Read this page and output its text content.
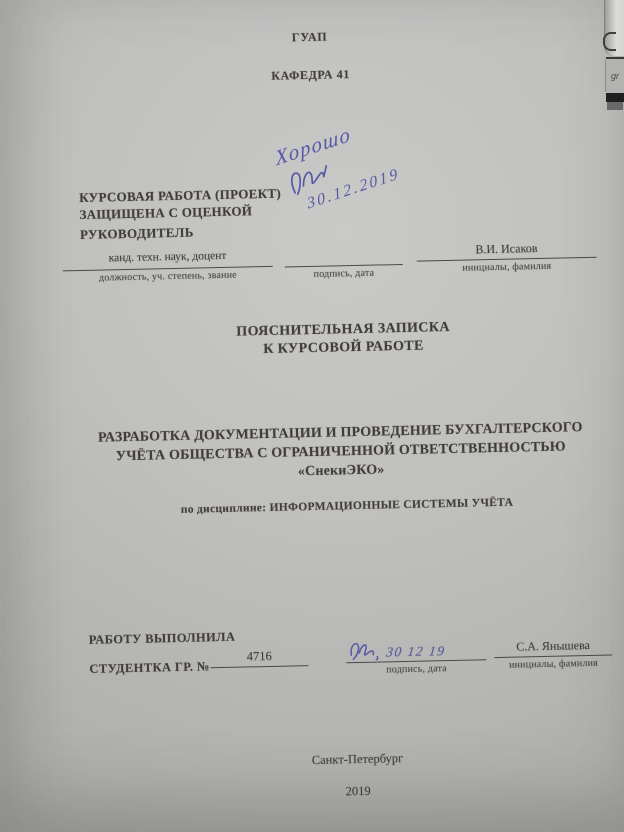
ГУАП
КАФЕДРА 41
Хорошо
30.12.2019
КУРСОВАЯ РАБОТА (ПРОЕКТ)
ЗАЩИЩЕНА С ОЦЕНКОЙ
РУКОВОДИТЕЛЬ
канд. техн. наук, доцент
должность, уч. степень, звание
	подпись, дата
В.И. Исаков
инициалы, фамилия
ПОЯСНИТЕЛЬНАЯ ЗАПИСКА
К КУРСОВОЙ РАБОТЕ
РАЗРАБОТКА ДОКУМЕНТАЦИИ И ПРОВЕДЕНИЕ БУХГАЛТЕРСКОГО
УЧЁТА ОБЩЕСТВА С ОГРАНИЧЕННОЙ ОТВЕТСТВЕННОСТЬЮ
«СнекиЭКО»
по дисциплине: ИНФОРМАЦИОННЫЕ СИСТЕМЫ УЧЁТА
РАБОТУ ВЫПОЛНИЛА
СТУДЕНТКА ГР. №
4716	30 12 19
подпись, дата
С.А. Янышева
инициалы, фамилия
Санкт-Петербург
2019
gr
